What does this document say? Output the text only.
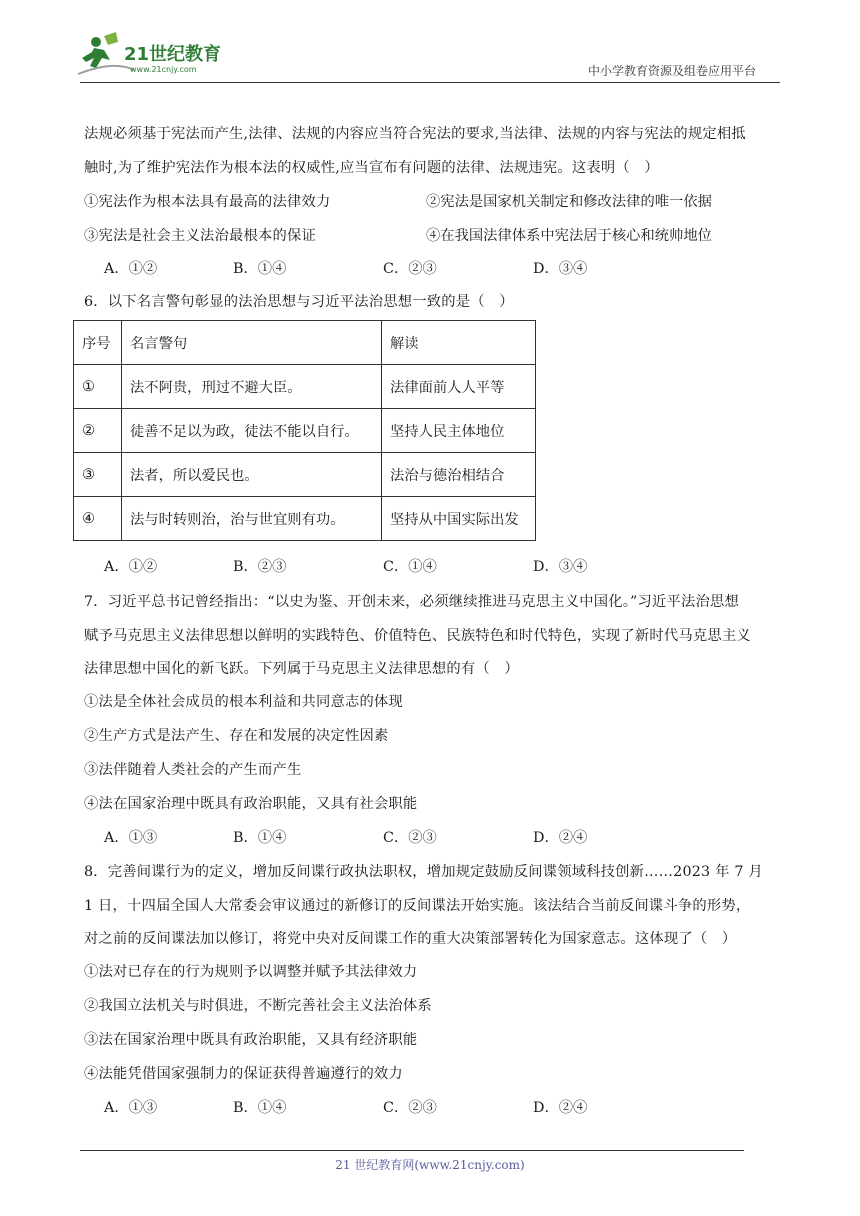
21世纪教育
www.21cnjy.com	中小学教育资源及组卷应用平台
法规必须基于宪法而产生,法律、法规的内容应当符合宪法的要求,当法律、法规的内容与宪法的规定相抵
触时,为了维护宪法作为根本法的权威性,应当宣布有问题的法律、法规违宪。这表明（　）
①宪法作为根本法具有最高的法律效力	②宪法是国家机关制定和修改法律的唯一依据
③宪法是社会主义法治最根本的保证	④在我国法律体系中宪法居于核心和统帅地位
A．①②	B．①④	C．②③	D．③④
6．以下名言警句彰显的法治思想与习近平法治思想一致的是（　）
序号	名言警句	解读
①	法不阿贵，刑过不避大臣。	法律面前人人平等
②	徒善不足以为政，徒法不能以自行。	坚持人民主体地位
③	法者，所以爱民也。	法治与德治相结合
④	法与时转则治，治与世宜则有功。	坚持从中国实际出发
A．①②	B．②③	C．①④	D．③④
7．习近平总书记曾经指出：“以史为鉴、开创未来，必须继续推进马克思主义中国化。”习近平法治思想
赋予马克思主义法律思想以鲜明的实践特色、价值特色、民族特色和时代特色，实现了新时代马克思主义
法律思想中国化的新飞跃。下列属于马克思主义法律思想的有（　）
①法是全体社会成员的根本利益和共同意志的体现
②生产方式是法产生、存在和发展的决定性因素
③法伴随着人类社会的产生而产生
④法在国家治理中既具有政治职能，又具有社会职能
A．①③	B．①④	C．②③	D．②④
8．完善间谍行为的定义，增加反间谍行政执法职权，增加规定鼓励反间谍领域科技创新……2023 年 7 月
1 日，十四届全国人大常委会审议通过的新修订的反间谍法开始实施。该法结合当前反间谍斗争的形势，
对之前的反间谍法加以修订，将党中央对反间谍工作的重大决策部署转化为国家意志。这体现了（　）
①法对已存在的行为规则予以调整并赋予其法律效力
②我国立法机关与时俱进，不断完善社会主义法治体系
③法在国家治理中既具有政治职能，又具有经济职能
④法能凭借国家强制力的保证获得普遍遵行的效力
A．①③	B．①④	C．②③	D．②④
21 世纪教育网(www.21cnjy.com)
